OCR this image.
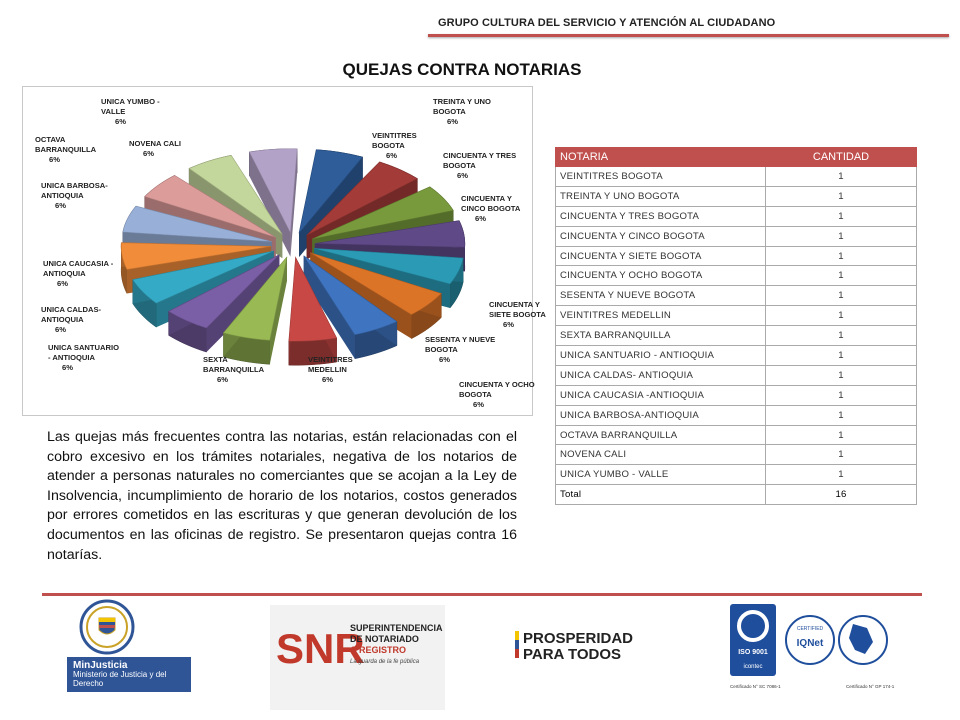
GRUPO CULTURA DEL SERVICIO Y ATENCIÓN AL CIUDADANO
QUEJAS CONTRA NOTARIAS
VEINTITRES BOGOTA 6%
TREINTA Y UNO BOGOTA 6%
CINCUENTA Y TRES BOGOTA 6%
CINCUENTA Y CINCO BOGOTA 6%
CINCUENTA Y SIETE BOGOTA 6%
CINCUENTA Y OCHO BOGOTA 6%
SESENTA Y NUEVE BOGOTA 6%
VEINTITRES MEDELLIN 6%
SEXTA BARRANQUILLA 6%
UNICA SANTUARIO - ANTIOQUIA 6%
UNICA CALDAS-ANTIOQUIA 6%
UNICA CAUCASIA -ANTIOQUIA 6%
UNICA BARBOSA-ANTIOQUIA 6%
OCTAVA BARRANQUILLA 6%
NOVENA CALI 6%
UNICA YUMBO -VALLE 6%
NOTARIA	CANTIDAD
VEINTITRES BOGOTA	1
TREINTA Y UNO BOGOTA	1
CINCUENTA Y TRES BOGOTA	1
CINCUENTA Y CINCO BOGOTA	1
CINCUENTA Y SIETE BOGOTA	1
CINCUENTA Y OCHO BOGOTA	1
SESENTA Y NUEVE BOGOTA	1
VEINTITRES MEDELLIN	1
SEXTA BARRANQUILLA	1
UNICA SANTUARIO - ANTIOQUIA	1
UNICA CALDAS- ANTIOQUIA	1
UNICA CAUCASIA -ANTIOQUIA	1
UNICA BARBOSA-ANTIOQUIA	1
OCTAVA BARRANQUILLA	1
NOVENA CALI	1
UNICA YUMBO - VALLE	1
Total	16
Las quejas más frecuentes contra las notarias, están relacionadas con el cobro excesivo en los trámites notariales, negativa de los notarios de atender a personas naturales no comerciantes que se acojan a la Ley de Insolvencia, incumplimiento de horario de los notarios, costos generados por errores cometidos en las escrituras y que generan devolución de los documentos en las oficinas de registro. Se presentaron quejas contra 16 notarías.
MinJusticia
Ministerio de Justicia y del Derecho
SNR
SUPERINTENDENCIA
DE NOTARIADO
& REGISTRO
La guarda de la fe pública
PROSPERIDAD
PARA TODOS	ISO 9001
icontec
Certificado N° SC 7086-1
CERTIFIED
IQNet
Certificado N° GP 174-1
